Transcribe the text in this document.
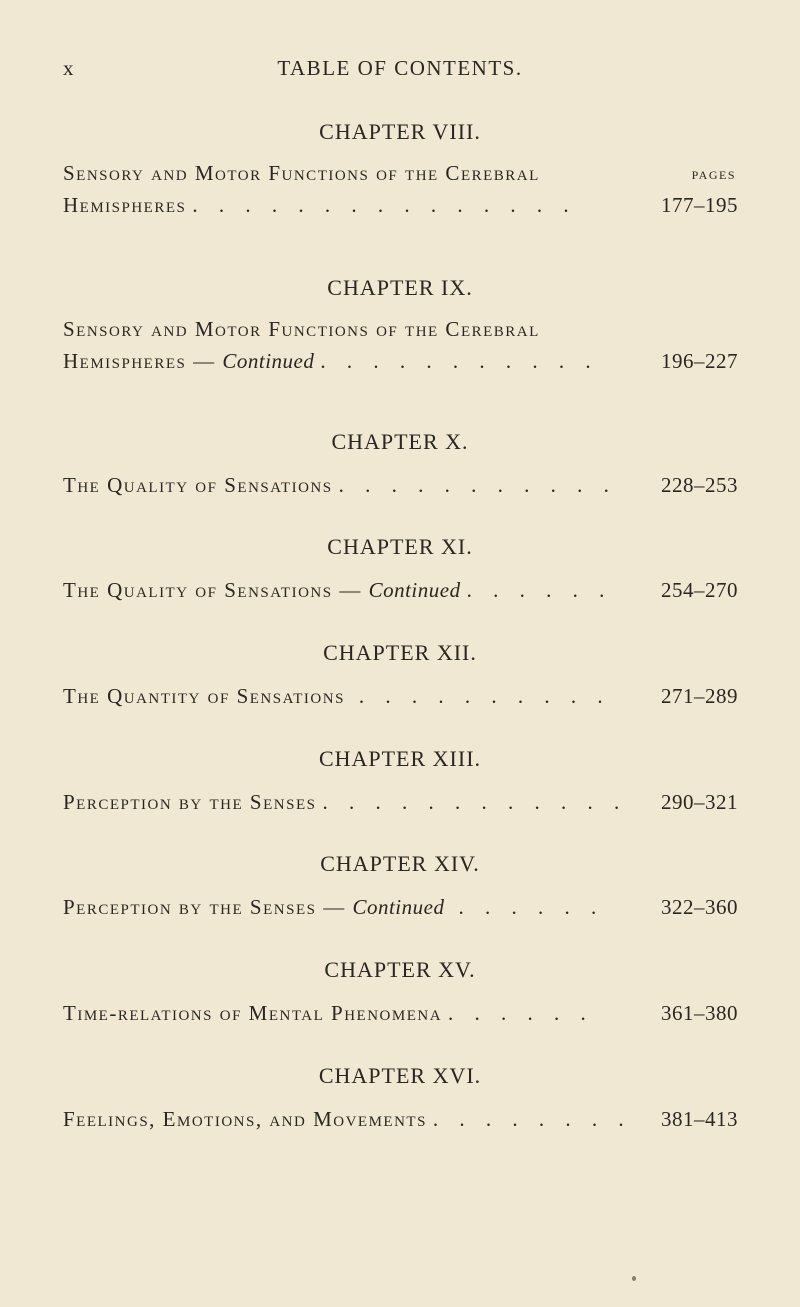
x	TABLE OF CONTENTS.
CHAPTER VIII.
Sensory and Motor Functions of the Cerebral	PAGES
Hemispheres . . . . . . . . . . . . . . .	177–195
CHAPTER IX.
Sensory and Motor Functions of the Cerebral
Hemispheres — Continued . . . . . . . . . . .	196–227
CHAPTER X.
The Quality of Sensations . . . . . . . . . . . 228–253
CHAPTER XI.
The Quality of Sensations — Continued . . . . . . 254–270
CHAPTER XII.
The Quantity of Sensations . . . . . . . . . . 271–289
CHAPTER XIII.
Perception by the Senses . . . . . . . . . . . . 290–321
CHAPTER XIV.
Perception by the Senses — Continued . . . . . .	322–360
CHAPTER XV.
Time-relations of Mental Phenomena . . . . . .	361–380
CHAPTER XVI.
Feelings, Emotions, and Movements . . . . . . . . 381–413
